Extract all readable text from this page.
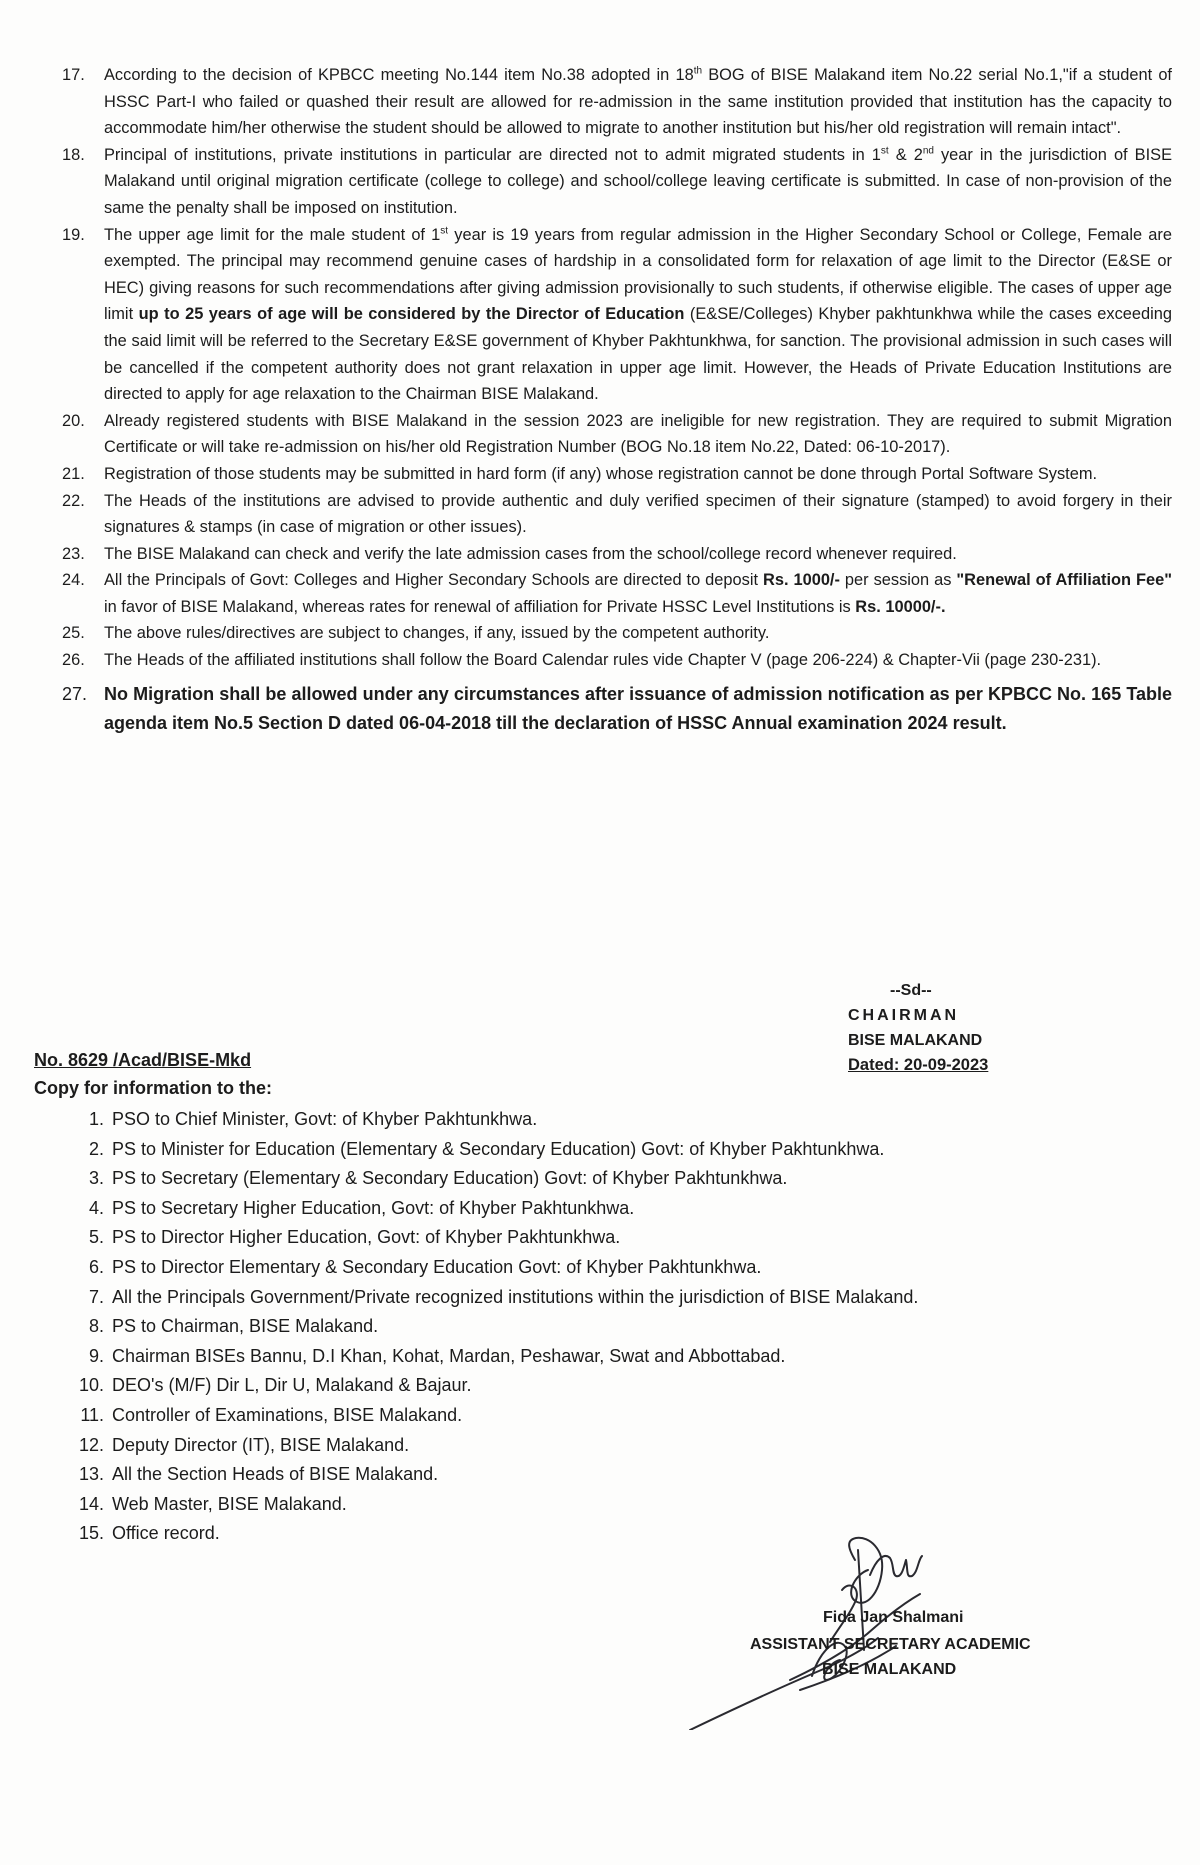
17.	According to the decision of KPBCC meeting No.144 item No.38 adopted in 18th BOG of BISE Malakand item No.22 serial No.1,"if a student of HSSC Part-I who failed or quashed their result are allowed for re-admission in the same institution provided that institution has the capacity to accommodate him/her otherwise the student should be allowed to migrate to another institution but his/her old registration will remain intact".
18.	Principal of institutions, private institutions in particular are directed not to admit migrated students in 1st & 2nd year in the jurisdiction of BISE Malakand until original migration certificate (college to college) and school/college leaving certificate is submitted. In case of non-provision of the same the penalty shall be imposed on institution.
19.	The upper age limit for the male student of 1st year is 19 years from regular admission in the Higher Secondary School or College, Female are exempted. The principal may recommend genuine cases of hardship in a consolidated form for relaxation of age limit to the Director (E&SE or HEC) giving reasons for such recommendations after giving admission provisionally to such students, if otherwise eligible. The cases of upper age limit up to 25 years of age will be considered by the Director of Education (E&SE/Colleges) Khyber pakhtunkhwa while the cases exceeding the said limit will be referred to the Secretary E&SE government of Khyber Pakhtunkhwa, for sanction. The provisional admission in such cases will be cancelled if the competent authority does not grant relaxation in upper age limit. However, the Heads of Private Education Institutions are directed to apply for age relaxation to the Chairman BISE Malakand.
20.	Already registered students with BISE Malakand in the session 2023 are ineligible for new registration. They are required to submit Migration Certificate or will take re-admission on his/her old Registration Number (BOG No.18 item No.22, Dated: 06-10-2017).
21.	Registration of those students may be submitted in hard form (if any) whose registration cannot be done through Portal Software System.
22.	The Heads of the institutions are advised to provide authentic and duly verified specimen of their signature (stamped) to avoid forgery in their signatures & stamps (in case of migration or other issues).
23.	The BISE Malakand can check and verify the late admission cases from the school/college record whenever required.
24.	All the Principals of Govt: Colleges and Higher Secondary Schools are directed to deposit Rs. 1000/- per session as "Renewal of Affiliation Fee" in favor of BISE Malakand, whereas rates for renewal of affiliation for Private HSSC Level Institutions is Rs. 10000/-.
25.	The above rules/directives are subject to changes, if any, issued by the competent authority.
26.	The Heads of the affiliated institutions shall follow the Board Calendar rules vide Chapter V (page 206-224) & Chapter-Vii (page 230-231).
27. No Migration shall be allowed under any circumstances after issuance of admission notification as per KPBCC No. 165 Table agenda item No.5 Section D dated 06-04-2018 till the declaration of HSSC Annual examination 2024 result.
--Sd--
CHAIRMAN
BISE MALAKAND
Dated: 20-09-2023
No. 8629 /Acad/BISE-Mkd
Copy for information to the:
1. PSO to Chief Minister, Govt: of Khyber Pakhtunkhwa.
2. PS to Minister for Education (Elementary & Secondary Education) Govt: of Khyber Pakhtunkhwa.
3. PS to Secretary (Elementary & Secondary Education) Govt: of Khyber Pakhtunkhwa.
4. PS to Secretary Higher Education, Govt: of Khyber Pakhtunkhwa.
5. PS to Director Higher Education, Govt: of Khyber Pakhtunkhwa.
6. PS to Director Elementary & Secondary Education Govt: of Khyber Pakhtunkhwa.
7. All the Principals Government/Private recognized institutions within the jurisdiction of BISE Malakand.
8. PS to Chairman, BISE Malakand.
9. Chairman BISEs Bannu, D.I Khan, Kohat, Mardan, Peshawar, Swat and Abbottabad.
10. DEO's (M/F) Dir L, Dir U, Malakand & Bajaur.
11. Controller of Examinations, BISE Malakand.
12. Deputy Director (IT), BISE Malakand.
13. All the Section Heads of BISE Malakand.
14. Web Master, BISE Malakand.
15. Office record.
Fida Jan Shalmani
ASSISTANT SECRETARY ACADEMIC
BISE MALAKAND
